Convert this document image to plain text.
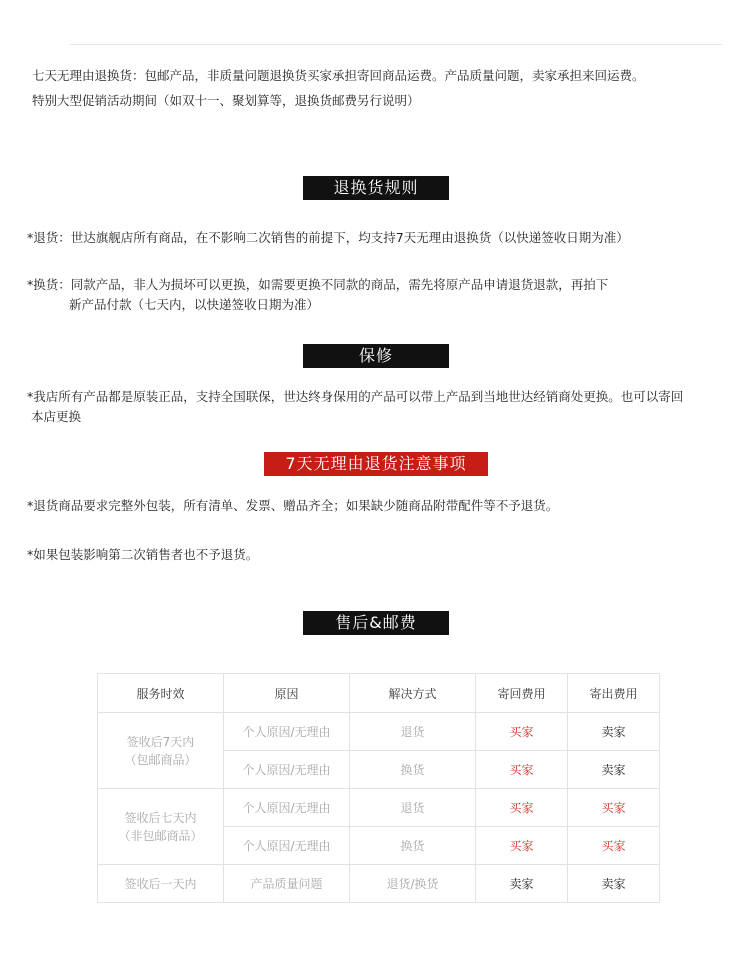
七天无理由退换货：包邮产品，非质量问题退换货买家承担寄回商品运费。产品质量问题，卖家承担来回运费。
特别大型促销活动期间（如双十一、聚划算等，退换货邮费另行说明）
退换货规则
*退货：世达旗舰店所有商品，在不影响二次销售的前提下，均支持7天无理由退换货（以快递签收日期为准）
*换货：同款产品，非人为损坏可以更换，如需要更换不同款的商品，需先将原产品申请退货退款，再拍下
新产品付款（七天内，以快递签收日期为准）
保修
*我店所有产品都是原装正品，支持全国联保，世达终身保用的产品可以带上产品到当地世达经销商处更换。也可以寄回
本店更换
7天无理由退货注意事项
*退货商品要求完整外包装，所有清单、发票、赠品齐全；如果缺少随商品附带配件等不予退货。
*如果包装影响第二次销售者也不予退货。
售后&邮费
服务时效	原因	解决方式	寄回费用	寄出费用

签收后7天内
（包邮商品）	个人原因/无理由	退货	买家	卖家
	个人原因/无理由	换货	买家	卖家

签收后七天内
（非包邮商品）	个人原因/无理由	退货	买家	买家
	个人原因/无理由	换货	买家	买家
签收后一天内	产品质量问题	退货/换货	卖家	卖家
